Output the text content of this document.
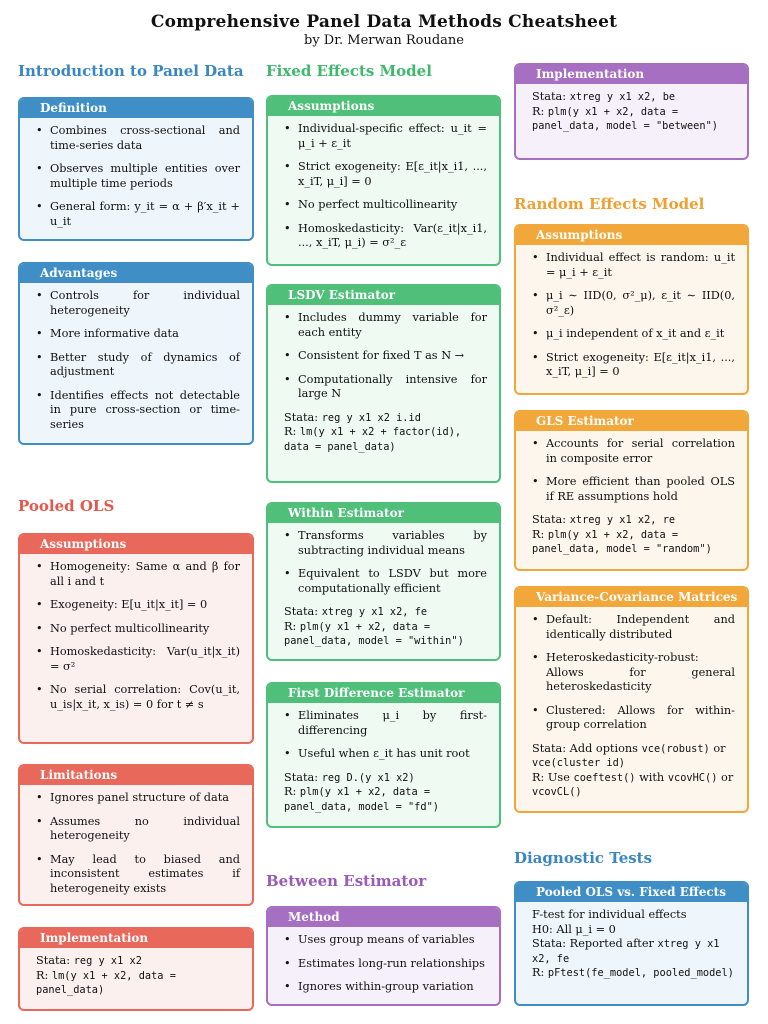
Comprehensive Panel Data Methods Cheatsheet
by Dr. Merwan Roudane
Introduction to Panel Data
Definition
• Combines cross-sectional and time-series data
• Observes multiple entities over multiple time periods
• General form: y_it = α + β′x_it + u_it
Advantages
• Controls for individual heterogeneity
• More informative data
• Better study of dynamics of adjustment
• Identifies effects not detectable in pure cross-section or time-series
Pooled OLS
Assumptions
• Homogeneity: Same α and β for all i and t
• Exogeneity: E[u_it|x_it] = 0
• No perfect multicollinearity
• Homoskedasticity: Var(u_it|x_it) = σ²
• No serial correlation: Cov(u_it, u_is|x_it, x_is) = 0 for t ≠ s
Limitations
• Ignores panel structure of data
• Assumes no individual heterogeneity
• May lead to biased and inconsistent estimates if heterogeneity exists
Implementation

Stata: reg y x1 x2

R: lm(y x1 + x2, data = panel_data)

Fixed Effects Model
Assumptions
• Individual-specific effect: u_it = μ_i + ε_it
• Strict exogeneity: E[ε_it|x_i1, ..., x_iT, μ_i] = 0
• No perfect multicollinearity
• Homoskedasticity: Var(ε_it|x_i1, ..., x_iT, μ_i) = σ²_ε
LSDV Estimator
• Includes dummy variable for each entity
• Consistent for fixed T as N →
• Computationally intensive for large N

Stata: reg y x1 x2 i.id

R: lm(y x1 + x2 + factor(id), data = panel_data)

Within Estimator
• Transforms variables by subtracting individual means
• Equivalent to LSDV but more computationally efficient

Stata: xtreg y x1 x2, fe

R: plm(y x1 + x2, data = panel_data, model = "within")

First Difference Estimator
• Eliminates μ_i by first-differencing
• Useful when ε_it has unit root

Stata: reg D.(y x1 x2)

R: plm(y x1 + x2, data = panel_data, model = "fd")

Between Estimator
Method
• Uses group means of variables
• Estimates long-run relationships
• Ignores within-group variation
Implementation

Stata: xtreg y x1 x2, be

R: plm(y x1 + x2, data = panel_data, model = "between")

Random Effects Model
Assumptions
• Individual effect is random: u_it = μ_i + ε_it
• μ_i ∼ IID(0, σ²_μ), ε_it ∼ IID(0, σ²_ε)
• μ_i independent of x_it and ε_it
• Strict exogeneity: E[ε_it|x_i1, ..., x_iT, μ_i] = 0
GLS Estimator
• Accounts for serial correlation in composite error
• More efficient than pooled OLS if RE assumptions hold

Stata: xtreg y x1 x2, re

R: plm(y x1 + x2, data = panel_data, model = "random")

Variance-Covariance Matrices
• Default: Independent and identically distributed
• Heteroskedasticity-robust: Allows for general heteroskedasticity
• Clustered: Allows for within-group correlation

Stata: Add options vce(robust) or vce(cluster id)

R: Use coeftest() with vcovHC() or vcovCL()

Diagnostic Tests
Pooled OLS vs. Fixed Effects

F-test for individual effects

H0: All μ_i = 0

Stata: Reported after xtreg y x1 x2, fe

R: pFtest(fe_model, pooled_model)
